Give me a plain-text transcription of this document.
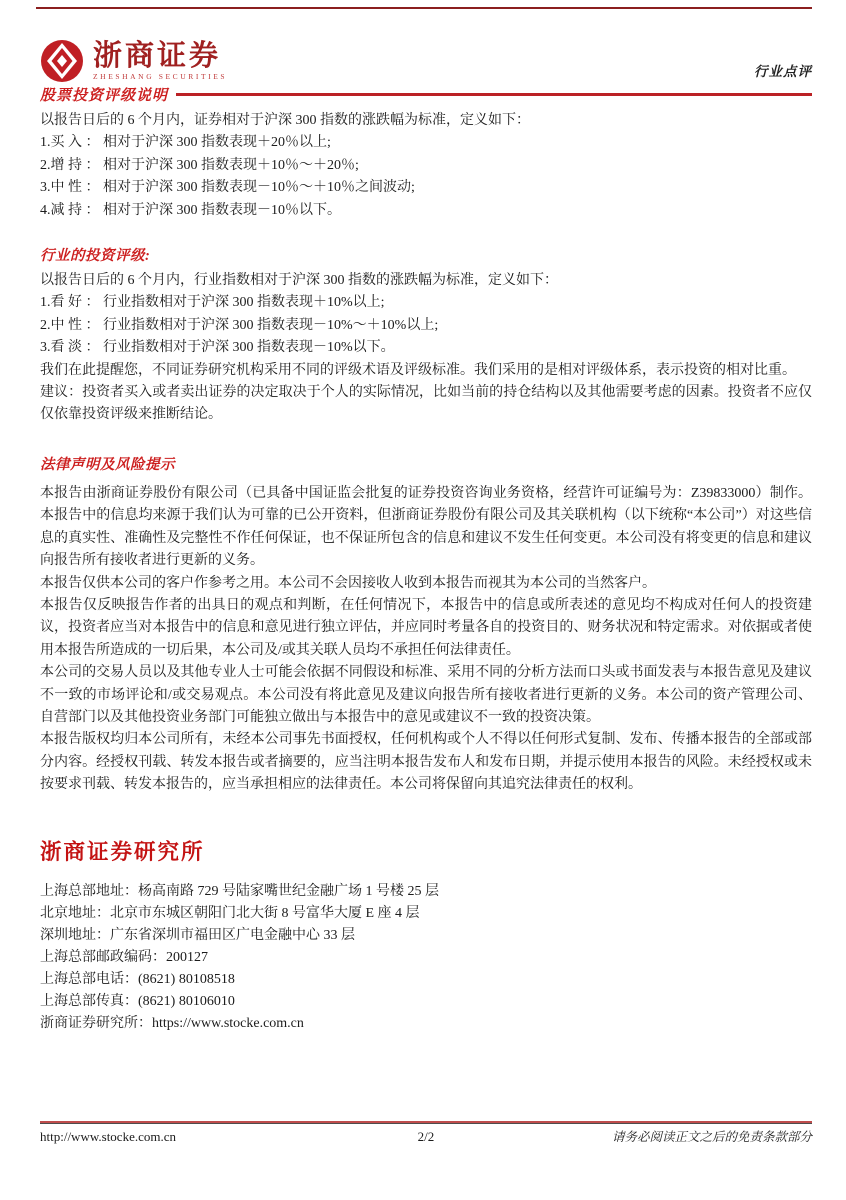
浙商证券
ZHESHANG SECURITIES	行业点评
股票投资评级说明
以报告日后的 6 个月内，证券相对于沪深 300 指数的涨跌幅为标准，定义如下：
1.买 入 ： 相对于沪深 300 指数表现＋20％以上;
2.增 持 ： 相对于沪深 300 指数表现＋10％～＋20％;
3.中 性 ： 相对于沪深 300 指数表现－10％～＋10％之间波动;
4.减 持 ： 相对于沪深 300 指数表现－10％以下。
行业的投资评级:
以报告日后的 6 个月内，行业指数相对于沪深 300 指数的涨跌幅为标准，定义如下：
1.看 好 ： 行业指数相对于沪深 300 指数表现＋10%以上;
2.中 性 ： 行业指数相对于沪深 300 指数表现－10%～＋10%以上;
3.看 淡 ： 行业指数相对于沪深 300 指数表现－10%以下。

我们在此提醒您，不同证券研究机构采用不同的评级术语及评级标准。我们采用的是相对评级体系，表示投资的相对比重。

建议：投资者买入或者卖出证券的决定取决于个人的实际情况，比如当前的持仓结构以及其他需要考虑的因素。投资者不应仅仅依靠投资评级来推断结论。

法律声明及风险提示

本报告由浙商证券股份有限公司（已具备中国证监会批复的证券投资咨询业务资格，经营许可证编号为：Z39833000）制作。本报告中的信息均来源于我们认为可靠的已公开资料，但浙商证券股份有限公司及其关联机构（以下统称“本公司”）对这些信息的真实性、准确性及完整性不作任何保证，也不保证所包含的信息和建议不发生任何变更。本公司没有将变更的信息和建议向报告所有接收者进行更新的义务。

本报告仅供本公司的客户作参考之用。本公司不会因接收人收到本报告而视其为本公司的当然客户。

本报告仅反映报告作者的出具日的观点和判断，在任何情况下，本报告中的信息或所表述的意见均不构成对任何人的投资建议，投资者应当对本报告中的信息和意见进行独立评估，并应同时考量各自的投资目的、财务状况和特定需求。对依据或者使用本报告所造成的一切后果，本公司及/或其关联人员均不承担任何法律责任。

本公司的交易人员以及其他专业人士可能会依据不同假设和标准、采用不同的分析方法而口头或书面发表与本报告意见及建议不一致的市场评论和/或交易观点。本公司没有将此意见及建议向报告所有接收者进行更新的义务。本公司的资产管理公司、自营部门以及其他投资业务部门可能独立做出与本报告中的意见或建议不一致的投资决策。

本报告版权均归本公司所有，未经本公司事先书面授权，任何机构或个人不得以任何形式复制、发布、传播本报告的全部或部分内容。经授权刊载、转发本报告或者摘要的，应当注明本报告发布人和发布日期，并提示使用本报告的风险。未经授权或未按要求刊载、转发本报告的，应当承担相应的法律责任。本公司将保留向其追究法律责任的权利。

浙商证券研究所
上海总部地址：杨高南路 729 号陆家嘴世纪金融广场 1 号楼 25 层
北京地址：北京市东城区朝阳门北大街 8 号富华大厦 E 座 4 层
深圳地址：广东省深圳市福田区广电金融中心 33 层
上海总部邮政编码：200127
上海总部电话：(8621) 80108518
上海总部传真：(8621) 80106010
浙商证券研究所：https://www.stocke.com.cn
http://www.stocke.com.cn	2/2	请务必阅读正文之后的免责条款部分
